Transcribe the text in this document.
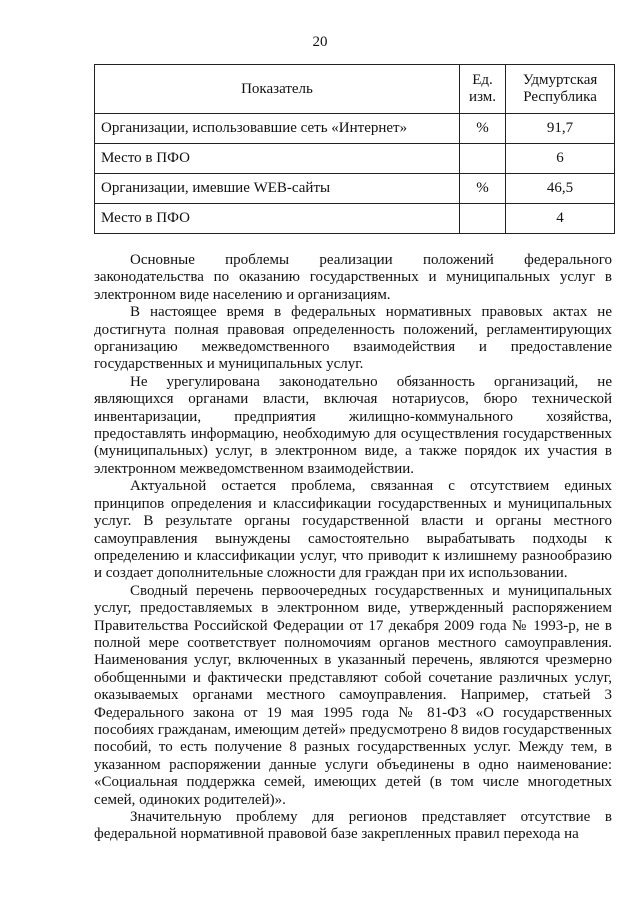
20
Показатель	Ед. изм.	Удмуртская Республика
Организации, использовавшие сеть «Интернет»	%	91,7
Место в ПФО		6
Организации, имевшие WEB-сайты	%	46,5
Место в ПФО		4

Основные проблемы реализации положений федерального законодательства по оказанию государственных и муниципальных услуг в электронном виде населению и организациям.

В настоящее время в федеральных нормативных правовых актах не достигнута полная правовая определенность положений, регламентирующих организацию межведомственного взаимодействия и предоставление государственных и муниципальных услуг.

Не урегулирована законодательно обязанность организаций, не являющихся органами власти, включая нотариусов, бюро технической инвентаризации, предприятия жилищно-коммунального хозяйства, предоставлять информацию, необходимую для осуществления государственных (муниципальных) услуг, в электронном виде, а также порядок их участия в электронном межведомственном взаимодействии.

Актуальной остается проблема, связанная с отсутствием единых принципов определения и классификации государственных и муниципальных услуг. В результате органы государственной власти и органы местного самоуправления вынуждены самостоятельно вырабатывать подходы к определению и классификации услуг, что приводит к излишнему разнообразию и создает дополнительные сложности для граждан при их использовании.

Сводный перечень первоочередных государственных и муниципальных услуг, предоставляемых в электронном виде, утвержденный распоряжением Правительства Российской Федерации от 17 декабря 2009 года № 1993-р, не в полной мере соответствует полномочиям органов местного самоуправления. Наименования услуг, включенных в указанный перечень, являются чрезмерно обобщенными и фактически представляют собой сочетание различных услуг, оказываемых органами местного самоуправления. Например, статьей 3 Федерального закона от 19 мая 1995 года № 81-ФЗ «О государственных пособиях гражданам, имеющим детей» предусмотрено 8 видов государственных пособий, то есть получение 8 разных государственных услуг. Между тем, в указанном распоряжении данные услуги объединены в одно наименование: «Социальная поддержка семей, имеющих детей (в том числе многодетных семей, одиноких родителей)».

Значительную проблему для регионов представляет отсутствие в федеральной нормативной правовой базе закрепленных правил перехода на
